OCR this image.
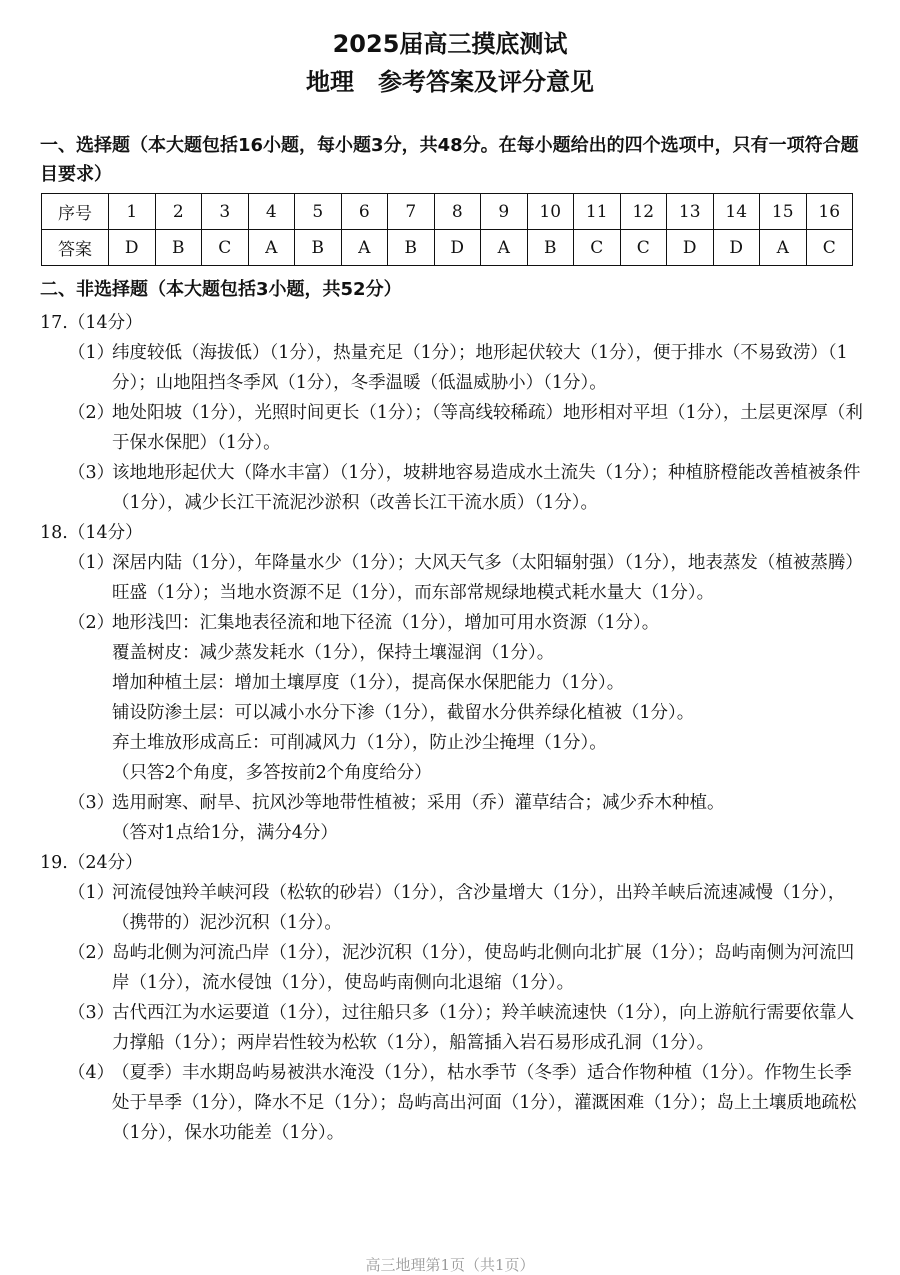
2025届高三摸底测试
地理　参考答案及评分意见
一、选择题（本大题包括16小题，每小题3分，共48分。在每小题给出的四个选项中，只有一项符合题目要求）
序号	1	2	3	4	5	6	7	8	9	10	11	12	13	14	15	16
答案	D	B	C	A	B	A	B	D	A	B	C	C	D	D	A	C
二、非选择题（本大题包括3小题，共52分）
17.（14分）
（1）
纬度较低（海拔低）（1分），热量充足（1分）；地形起伏较大（1分），便于排水（不易致涝）（1分）；山地阻挡冬季风（1分），冬季温暖（低温威胁小）（1分）。
（2）
地处阳坡（1分），光照时间更长（1分）；（等高线较稀疏）地形相对平坦（1分），土层更深厚（利于保水保肥）（1分）。
（3）
该地地形起伏大（降水丰富）（1分），坡耕地容易造成水土流失（1分）；种植脐橙能改善植被条件（1分），减少长江干流泥沙淤积（改善长江干流水质）（1分）。
18.（14分）
（1）
深居内陆（1分），年降量水少（1分）；大风天气多（太阳辐射强）（1分），地表蒸发（植被蒸腾）旺盛（1分）；当地水资源不足（1分），而东部常规绿地模式耗水量大（1分）。
（2）
地形浅凹：汇集地表径流和地下径流（1分），增加可用水资源（1分）。
覆盖树皮：减少蒸发耗水（1分），保持土壤湿润（1分）。
增加种植土层：增加土壤厚度（1分），提高保水保肥能力（1分）。
铺设防渗土层：可以减小水分下渗（1分），截留水分供养绿化植被（1分）。
弃土堆放形成高丘：可削减风力（1分），防止沙尘掩埋（1分）。
（只答2个角度，多答按前2个角度给分）
（3）
选用耐寒、耐旱、抗风沙等地带性植被；采用（乔）灌草结合；减少乔木种植。
（答对1点给1分，满分4分）
19.（24分）
（1）
河流侵蚀羚羊峡河段（松软的砂岩）（1分），含沙量增大（1分），出羚羊峡后流速减慢（1分），（携带的）泥沙沉积（1分）。
（2）
岛屿北侧为河流凸岸（1分），泥沙沉积（1分），使岛屿北侧向北扩展（1分）；岛屿南侧为河流凹岸（1分），流水侵蚀（1分），使岛屿南侧向北退缩（1分）。
（3）
古代西江为水运要道（1分），过往船只多（1分）；羚羊峡流速快（1分），向上游航行需要依靠人力撑船（1分）；两岸岩性较为松软（1分），船篙插入岩石易形成孔洞（1分）。
（4）
（夏季）丰水期岛屿易被洪水淹没（1分），枯水季节（冬季）适合作物种植（1分）。作物生长季处于旱季（1分），降水不足（1分）；岛屿高出河面（1分），灌溉困难（1分）；岛上土壤质地疏松（1分），保水功能差（1分）。
高三地理第1页（共1页）
